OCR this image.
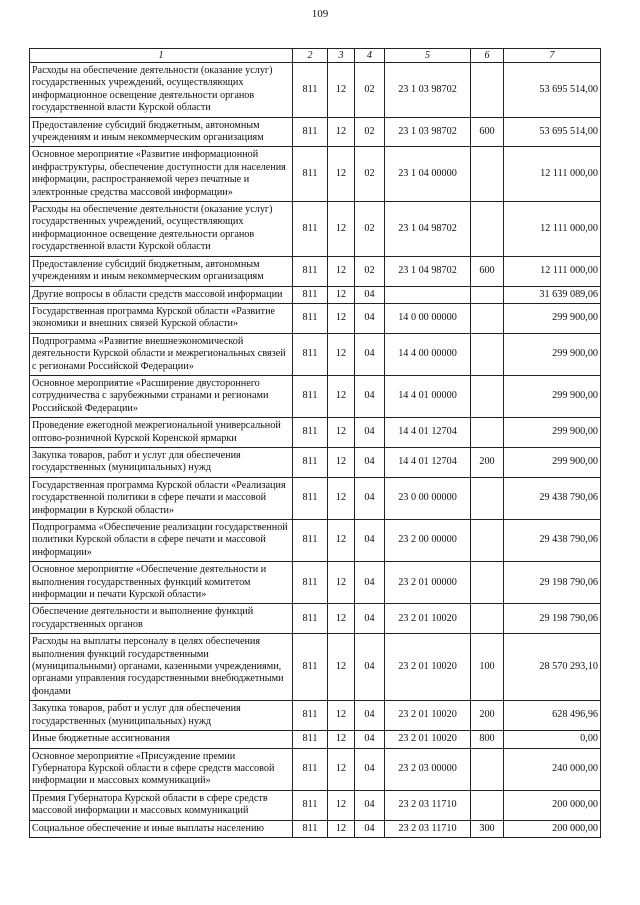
109
1	2	3	4	5	6	7
Расходы на обеспечение деятельности (оказание услуг) государственных учреждений, осуществляющих информационное освещение деятельности органов государственной власти Курской области	811	12	02	23 1 03 98702		53 695 514,00
Предоставление субсидий бюджетным, автономным учреждениям и иным некоммерческим организациям	811	12	02	23 1 03 98702	600	53 695 514,00
Основное мероприятие «Развитие информационной инфраструктуры, обеспечение доступности для населения информации, распространяемой через печатные и электронные средства массовой информации»	811	12	02	23 1 04 00000		12 111 000,00
Расходы на обеспечение деятельности (оказание услуг) государственных учреждений, осуществляющих информационное освещение деятельности органов государственной власти Курской области	811	12	02	23 1 04 98702		12 111 000,00
Предоставление субсидий бюджетным, автономным учреждениям и иным некоммерческим организациям	811	12	02	23 1 04 98702	600	12 111 000,00
Другие вопросы в области средств массовой информации	811	12	04			31 639 089,06
Государственная программа Курской области «Развитие экономики и внешних связей Курской области»	811	12	04	14 0 00 00000		299 900,00
Подпрограмма «Развитие внешнеэкономической деятельности Курской области и межрегиональных связей с регионами Российской Федерации»	811	12	04	14 4 00 00000		299 900,00
Основное мероприятие «Расширение двустороннего сотрудничества с зарубежными странами и регионами Российской Федерации»	811	12	04	14 4 01 00000		299 900,00
Проведение ежегодной межрегиональной универсальной оптово-розничной Курской Коренской ярмарки	811	12	04	14 4 01 12704		299 900,00
Закупка товаров, работ и услуг для обеспечения государственных (муниципальных) нужд	811	12	04	14 4 01 12704	200	299 900,00
Государственная программа Курской области «Реализация государственной политики в сфере печати и массовой информации в Курской области»	811	12	04	23 0 00 00000		29 438 790,06
Подпрограмма «Обеспечение реализации государственной политики Курской области в сфере печати и массовой информации»	811	12	04	23 2 00 00000		29 438 790,06
Основное мероприятие «Обеспечение деятельности и выполнения государственных функций комитетом информации и печати Курской области»	811	12	04	23 2 01 00000		29 198 790,06
Обеспечение деятельности и выполнение функций государственных органов	811	12	04	23 2 01 10020		29 198 790,06
Расходы на выплаты персоналу в целях обеспечения выполнения функций государственными (муниципальными) органами, казенными учреждениями, органами управления государственными внебюджетными фондами	811	12	04	23 2 01 10020	100	28 570 293,10
Закупка товаров, работ и услуг для обеспечения государственных (муниципальных) нужд	811	12	04	23 2 01 10020	200	628 496,96
Иные бюджетные ассигнования	811	12	04	23 2 01 10020	800	0,00
Основное мероприятие «Присуждение премии Губернатора Курской области в сфере средств массовой информации и массовых коммуникаций»	811	12	04	23 2 03 00000		240 000,00
Премия Губернатора Курской области в сфере средств массовой информации и массовых коммуникаций	811	12	04	23 2 03 11710		200 000,00
Социальное обеспечение и иные выплаты населению	811	12	04	23 2 03 11710	300	200 000,00
